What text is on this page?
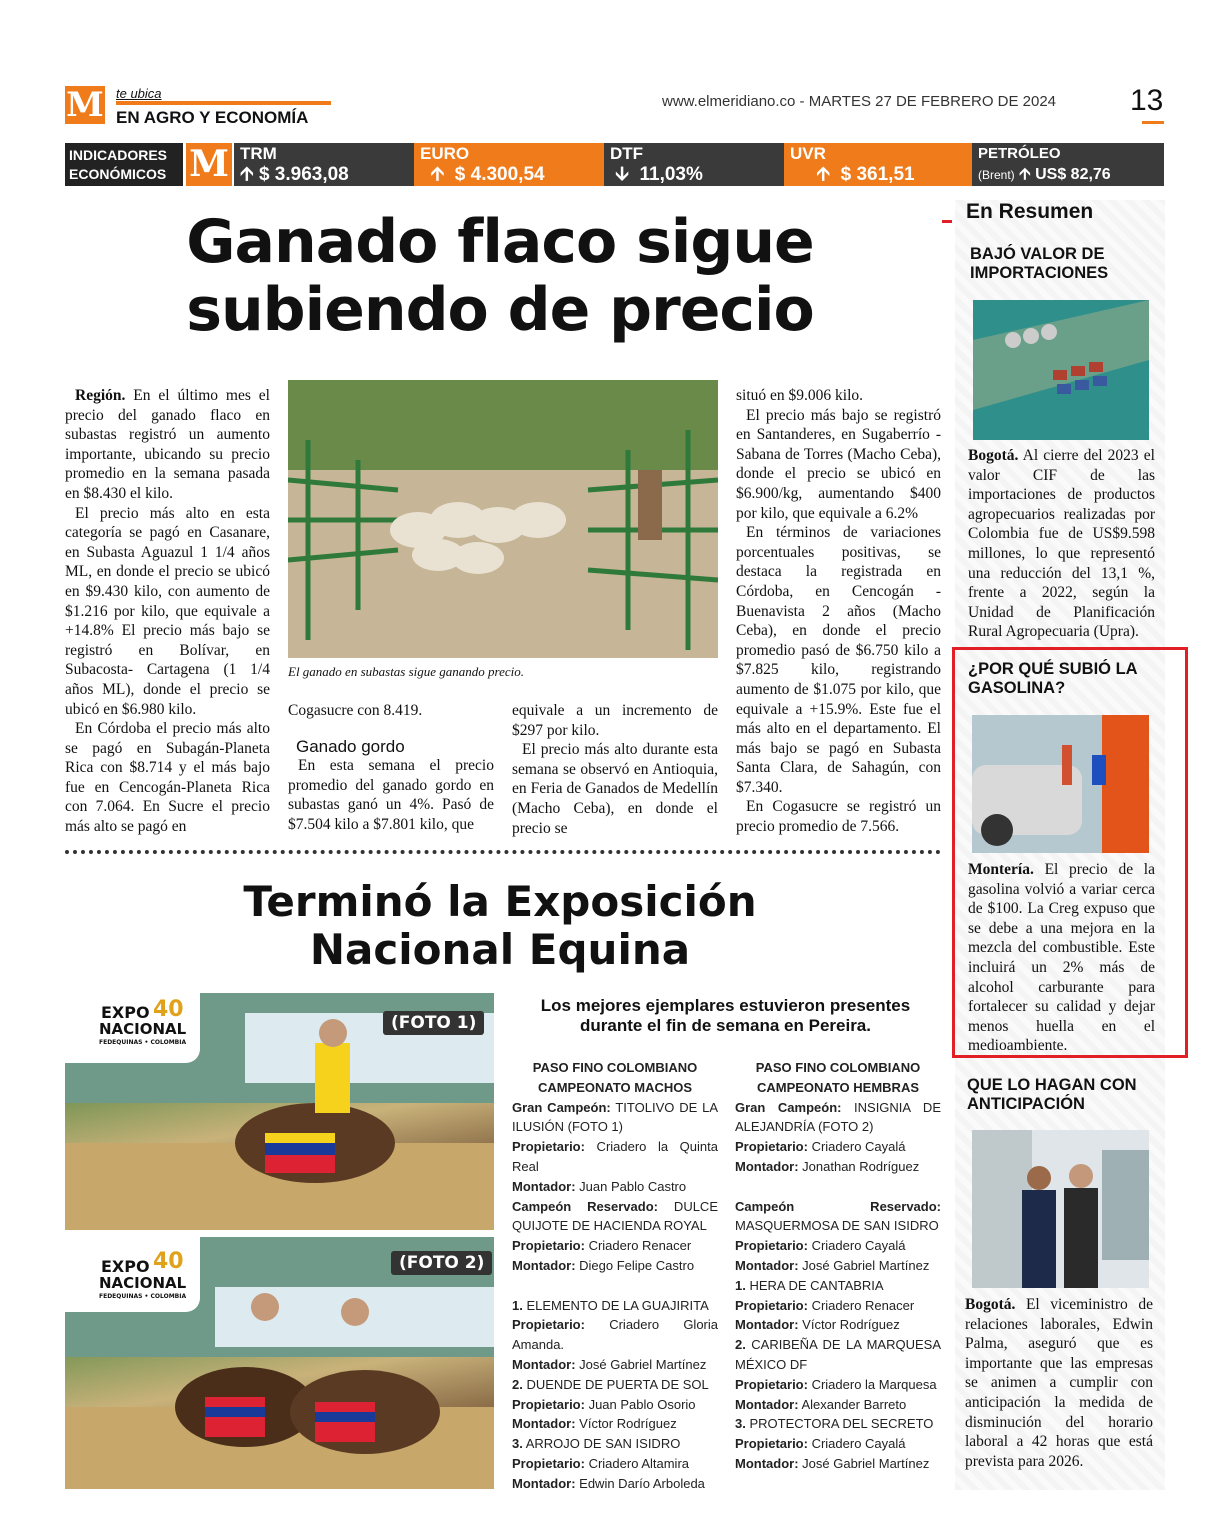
M te ubica
EN AGRO Y ECONOMÍA
www.elmeridiano.co - MARTES 27 DE FEBRERO DE 2024 13
INDICADORES
ECONÓMICOS M TRM
🡩 $ 3.963,08
EURO
🡩 $ 4.300,54
DTF
🡫 11,03%
UVR
🡩 $ 361,51
PETRÓLEO
(Brent) 🡩 US$ 82,76
Ganado flaco sigue
subiendo de precio

Región. En el último mes el precio del ganado flaco en subastas registró un aumento importante, ubicando su precio promedio en la semana pasada en $8.430 el kilo.

El precio más alto en esta categoría se pagó en Casanare, en Subasta Aguazul 1 1/4 años ML, en donde el precio se ubicó en $9.430 kilo, con aumento de $1.216 por kilo, que equivale a +14.8% El precio más bajo se registró en Bolívar, en Subacosta- Cartagena (1 1/4 años ML), donde el precio se ubicó en $6.980 kilo.

En Córdoba el precio más alto se pagó en Subagán-Planeta Rica con $8.714 y el más bajo fue en Cencogán-Planeta Rica con 7.064. En Sucre el precio más alto se pagó en

El ganado en subastas sigue ganando precio.

Cogasucre con 8.419.

Ganado gordo

En esta semana el precio promedio del ganado gordo en subastas ganó un 4%. Pasó de $7.504 kilo a $7.801 kilo, que

equivale a un incremento de $297 por kilo.

El precio más alto durante esta semana se observó en Antioquia, en Feria de Ganados de Medellín (Macho Ceba), en donde el precio se

situó en $9.006 kilo.

El precio más bajo se registró en Santanderes, en Sugaberrío - Sabana de Torres (Macho Ceba), donde el precio se ubicó en $6.900/kg, aumentando $400 por kilo, que equivale a 6.2%

En términos de variaciones porcentuales positivas, se destaca la registrada en Córdoba, en Cencogán - Buenavista 2 años (Macho Ceba), en donde el precio promedio pasó de $6.750 kilo a $7.825 kilo, registrando aumento de $1.075 por kilo, que equivale a +15.9%. Este fue el más alto en el departamento. El más bajo se pagó en Subasta Santa Clara, de Sahagún, con $7.340.

En Cogasucre se registró un precio promedio de 7.566.

Terminó la Exposición
Nacional Equina
Los mejores ejemplares estuvieron presentes durante el fin de semana en Pereira.
EXPO
NACIONAL
40
FEDEQUINAS • COLOMBIA
(FOTO 1)
EXPO
NACIONAL
40
FEDEQUINAS • COLOMBIA
(FOTO 2)
PASO FINO COLOMBIANO
CAMPEONATO MACHOS
Gran Campeón: TITOLIVO DE LA ILUSIÓN (FOTO 1)
Propietario: Criadero la Quinta Real
Montador: Juan Pablo Castro
Campeón Reservado: DULCE QUIJOTE DE HACIENDA ROYAL
Propietario: Criadero Renacer
Montador: Diego Felipe Castro

1. ELEMENTO DE LA GUAJIRITA
Propietario: Criadero Gloria Amanda.
Montador: José Gabriel Martínez
2. DUENDE DE PUERTA DE SOL
Propietario: Juan Pablo Osorio
Montador: Víctor Rodríguez
3. ARROJO DE SAN ISIDRO
Propietario: Criadero Altamira
Montador: Edwin Darío Arboleda
PASO FINO COLOMBIANO
CAMPEONATO HEMBRAS
Gran Campeón: INSIGNIA DE ALEJANDRÍA (FOTO 2)
Propietario: Criadero Cayalá
Montador: Jonathan Rodríguez

Campeón Reservado: MASQUERMOSA DE SAN ISIDRO
Propietario: Criadero Cayalá
Montador: José Gabriel Martínez
1. HERA DE CANTABRIA
Propietario: Criadero Renacer
Montador: Víctor Rodríguez
2. CARIBEÑA DE LA MARQUESA MÉXICO DF
Propietario: Criadero la Marquesa
Montador: Alexander Barreto
3. PROTECTORA DEL SECRETO
Propietario: Criadero Cayalá
Montador: José Gabriel Martínez
En Resumen
BAJÓ VALOR DE IMPORTACIONES
Bogotá. Al cierre del 2023 el valor CIF de las importaciones de productos agropecuarios realizadas por Colombia fue de US$9.598 millones, lo que representó una reducción del 13,1 %, frente a 2022, según la Unidad de Planificación Rural Agropecuaria (Upra).
¿POR QUÉ SUBIÓ LA GASOLINA?
Montería. El precio de la gasolina volvió a variar cerca de $100. La Creg expuso que se debe a una mejora en la mezcla del combustible. Este incluirá un 2% más de alcohol carburante para fortalecer su calidad y dejar menos huella en el medioambiente.
QUE LO HAGAN CON ANTICIPACIÓN
Bogotá. El viceministro de relaciones laborales, Edwin Palma, aseguró que es importante que las empresas se animen a cumplir con anticipación la medida de disminución del horario laboral a 42 horas que está prevista para 2026.
